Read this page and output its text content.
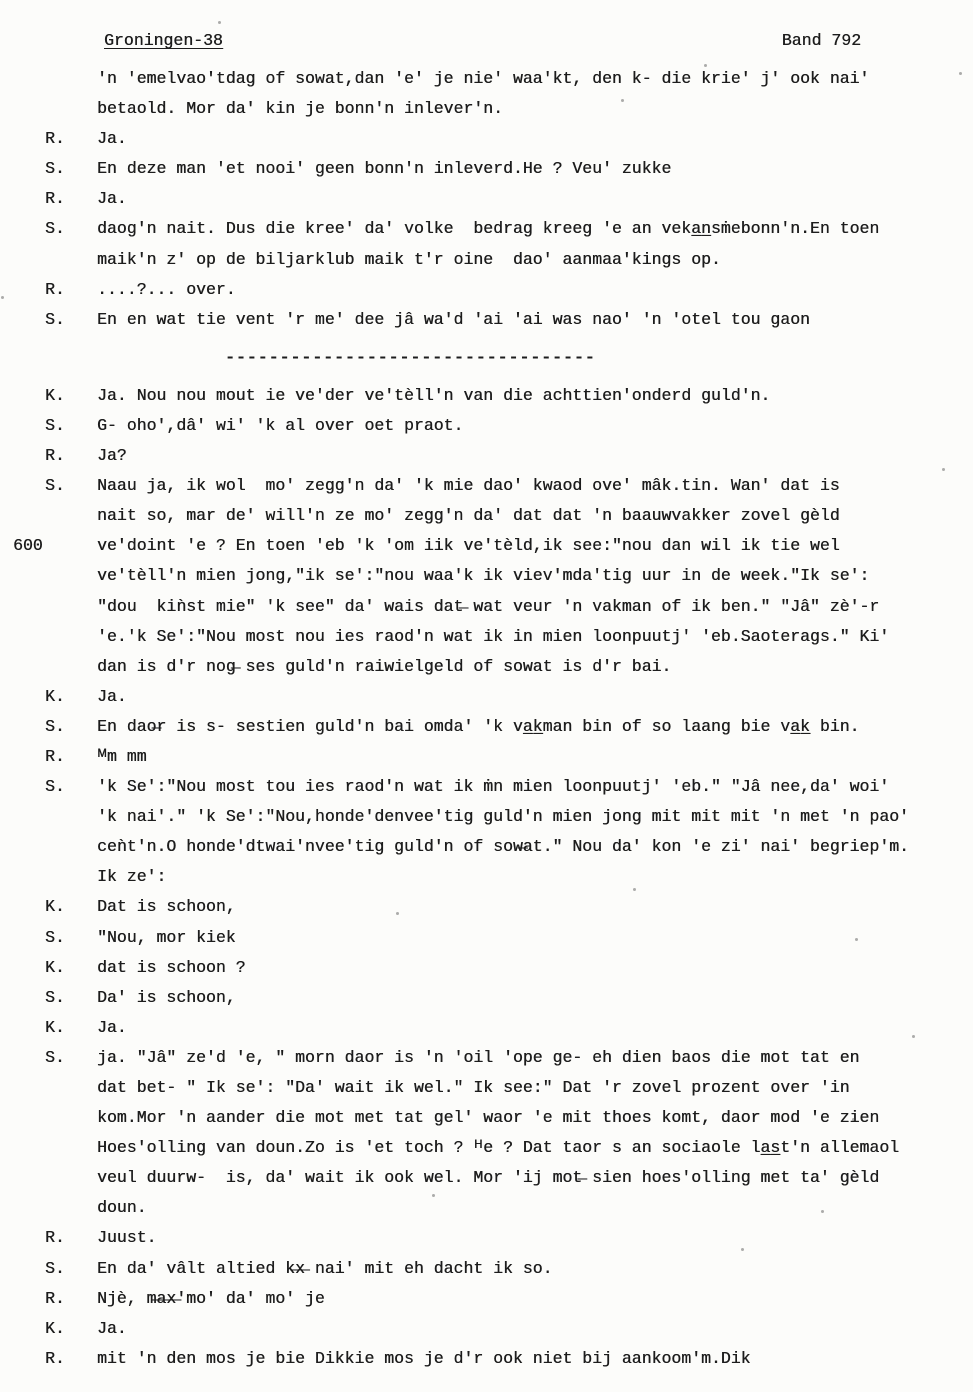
Groningen-38	Band 792
'n 'emelvao'tdag of sowat,dan 'e' je nie' waa'kt, den k- die krie' j' ook nai'
betaold. Mor da' kin je bonn'n inlever'n.
R.	Ja.
S.	En deze man 'et nooi' geen bonn'n inleverd.He ? Veu' zukke
R.	Ja.
S.	daog'n nait. Dus die kree' da' volke  bedrag kreeg 'e an veka̲n̲sṁebonn'n.En toen
maik'n z' op de biljarklub maik t'r oine  dao' aanmaa'kings op.
R.	....?... over.
S.	En en wat tie vent 'r me' dee jâ wa'd 'ai 'ai was nao' 'n 'otel tou gaon
----------------------------------
K.	Ja. Nou nou mout ie ve'der ve'tèll'n van die achttien'onderd guld'n.
S.	G- oho',dâ' wi' 'k al over oet praot.
R.	Ja?
S.	Naau ja, ik wol  mo' zegg'n da' 'k mie dao' kwaod ove' mâk.tin. Wan' dat is
nait so, mar de' will'n ze mo' zegg'n da' dat dat 'n baauwvakker zovel gèld
600	ve'doint 'e ? En toen 'eb 'k 'om iik ve'tèld,ik see:"nou dan wil ik tie wel
ve'tèll'n mien jong,"ik se':"nou waa'k ik viev'mda'tig uur in de week."Ik se':
"dou  kiǹst mie" 'k see" da' wais dat̶ wat veur 'n vakman of ik ben." "Jâ" zè'-r
'e.'k Se':"Nou most nou ies raod'n wat ik in mien loonpuutj' 'eb.Saoterags." Ki'
dan is d'r nog̶ ses guld'n raiwielgeld of sowat is d'r bai.
K.	Ja.
S.	En dao̶r is s- sestien guld'n bai omda' 'k va̲k̲man bin of so laang bie va̲k̲ bin.
R.	ᴹm mm
S.	'k Se':"Nou most tou ies raod'n wat ik ṁn mien loonpuutj' 'eb." "Jâ nee,da' woi'
'k nai'." 'k Se':"Nou,honde'denvee'tig guld'n mien jong mit mit mit 'n met 'n pao'
ceǹt'n.O honde'dtwai'nvee'tig guld'n of sow̶at." Nou da' kon 'e zi' nai' begriep'm.
Ik ze':
K.	Dat is schoon,
S.	"Nou, mor kiek
K.	dat is schoon ?
S.	Da' is schoon,
K.	Ja.
S.	ja. "Jâ" ze'd 'e, " morn daor is 'n 'oil 'ope ge- eh dien baos die mot tat en
dat bet- " Ik se': "Da' wait ik wel." Ik see:" Dat 'r zovel prozent over 'in
kom.Mor 'n aander die mot met tat gel' waor 'e mit thoes komt, daor mod 'e zien
Hoes'olling van doun.Zo is 'et toch ? ᴴe ? Dat taor s an sociaole la̲s̲t'n allemaol
veul duurw-  is, da' wait ik ook wel. Mor 'ij mot̶ sien hoes'olling met ta' gèld
doun.
R.	Juust.
S.	En da' vâlt altied k̶x̶ nai' mit eh dacht ik so.
R.	Njè, m̶a̶x̶'mo' da' mo' je
K.	Ja.
R.	mit 'n den mos je bie Dikkie mos je d'r ook niet bij aankoom'm.Dik
